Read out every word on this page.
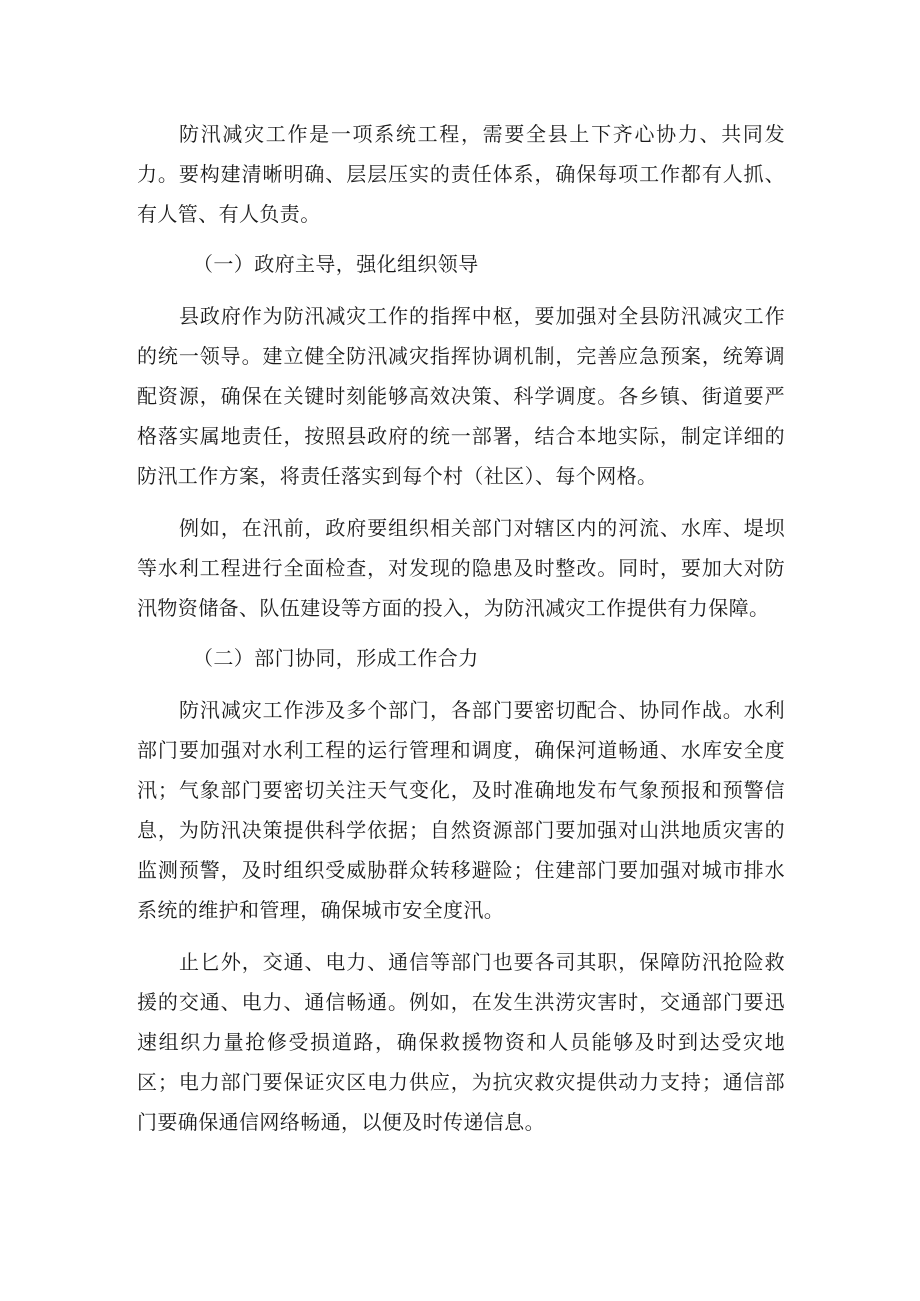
防汛减灾工作是一项系统工程，需要全县上下齐心协力、共同发力。要构建清晰明确、层层压实的责任体系，确保每项工作都有人抓、有人管、有人负责。

（一）政府主导，强化组织领导

县政府作为防汛减灾工作的指挥中枢，要加强对全县防汛减灾工作的统一领导。建立健全防汛减灾指挥协调机制，完善应急预案，统筹调配资源，确保在关键时刻能够高效决策、科学调度。各乡镇、街道要严格落实属地责任，按照县政府的统一部署，结合本地实际，制定详细的防汛工作方案，将责任落实到每个村（社区）、每个网格。

例如，在汛前，政府要组织相关部门对辖区内的河流、水库、堤坝等水利工程进行全面检查，对发现的隐患及时整改。同时，要加大对防汛物资储备、队伍建设等方面的投入，为防汛减灾工作提供有力保障。

（二）部门协同，形成工作合力

防汛减灾工作涉及多个部门，各部门要密切配合、协同作战。水利部门要加强对水利工程的运行管理和调度，确保河道畅通、水库安全度汛；气象部门要密切关注天气变化，及时准确地发布气象预报和预警信息，为防汛决策提供科学依据；自然资源部门要加强对山洪地质灾害的监测预警，及时组织受威胁群众转移避险；住建部门要加强对城市排水系统的维护和管理，确保城市安全度汛。

止匕外，交通、电力、通信等部门也要各司其职，保障防汛抢险救援的交通、电力、通信畅通。例如，在发生洪涝灾害时，交通部门要迅速组织力量抢修受损道路，确保救援物资和人员能够及时到达受灾地区；电力部门要保证灾区电力供应，为抗灾救灾提供动力支持；通信部门要确保通信网络畅通，以便及时传递信息。
